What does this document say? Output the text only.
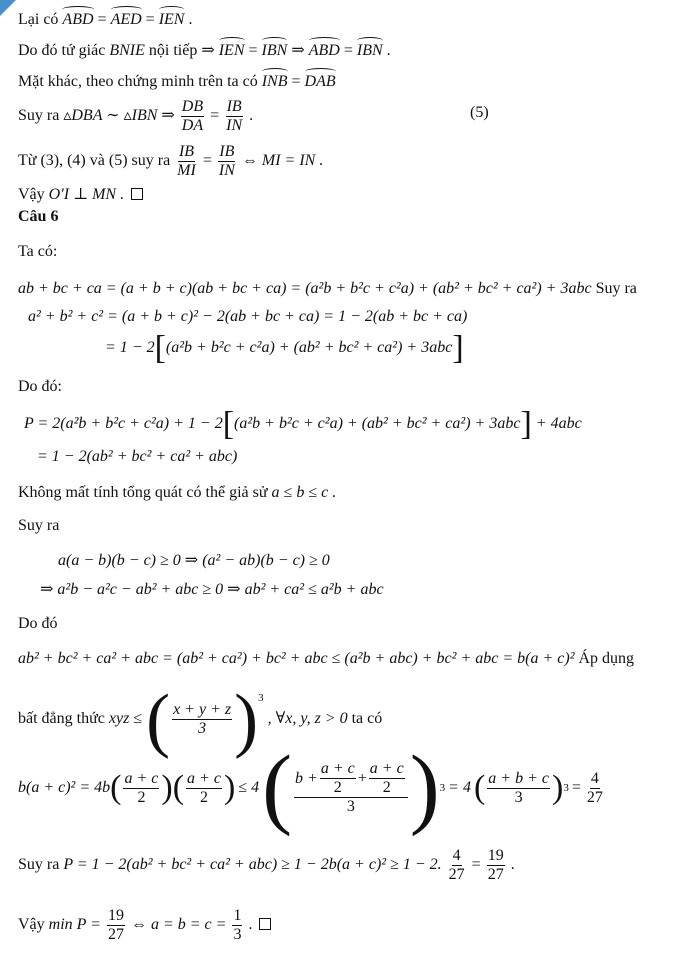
Lại có ABD = AED = IEN .
Do đó tứ giác BNIE nội tiếp ⇒ IEN = IBN ⇒ ABD = IBN .
Mặt khác, theo chứng minh trên ta có INB = DAB
Suy ra ▵DBA ∼ ▵IBN ⇒ $\frac{DB}{DA} = \frac{IB}{IN}$ .	(5)
Từ (3), (4) và (5) suy ra $\frac{IB}{MI} = \frac{IB}{IN}$ ⇔ MI = IN .
Vậy O′I ⊥ MN .
Câu 6
Ta có:
ab + bc + ca = (a + b + c)(ab + bc + ca) = (a²b + b²c + c²a) + (ab² + bc² + ca²) + 3abc Suy ra
a² + b² + c² = (a + b + c)² − 2(ab + bc + ca) = 1 − 2(ab + bc + ca)
= 1 − 2[(a²b + b²c + c²a) + (ab² + bc² + ca²) + 3abc]
Do đó:
P = 2(a²b + b²c + c²a) + 1 − 2[(a²b + b²c + c²a) + (ab² + bc² + ca²) + 3abc] + 4abc
= 1 − 2(ab² + bc² + ca² + abc)
Không mất tính tổng quát có thể giả sử a ≤ b ≤ c .
Suy ra
a(a − b)(b − c) ≥ 0 ⇒ (a² − ab)(b − c) ≥ 0
⇒ a²b − a²c − ab² + abc ≥ 0 ⇒ ab² + ca² ≤ a²b + abc
Do đó
ab² + bc² + ca² + abc = (ab² + ca²) + bc² + abc ≤ (a²b + abc) + bc² + abc = b(a + c)² Áp dụng
bất đẳng thức xyz ≤ ( $\frac{x + y + z}{3} )^3$ , ∀x, y, z > 0 ta có
b(a + c)² = 4b ( $\frac{a + c}{2}$ ) ( $\frac{a + c}{2}$ ) ≤ 4 ( $\frac{b + \frac{a + c}{2} + \frac{a + c}{2}}{3}$ ) 3 = 4 ( $\frac{a + b + c}{3}$ ) $3 = \frac{4}{27}$
Suy ra P = 1 − 2(ab² + bc² + ca² + abc) ≥ 1 − 2b(a + c)² ≥ 1 − 2. $\frac{4}{27} = \frac{19}{27}$ .
Vậy $\min P = \frac{19}{27}$ ⇔ $a = b = c = \frac{1}{3}$ .
